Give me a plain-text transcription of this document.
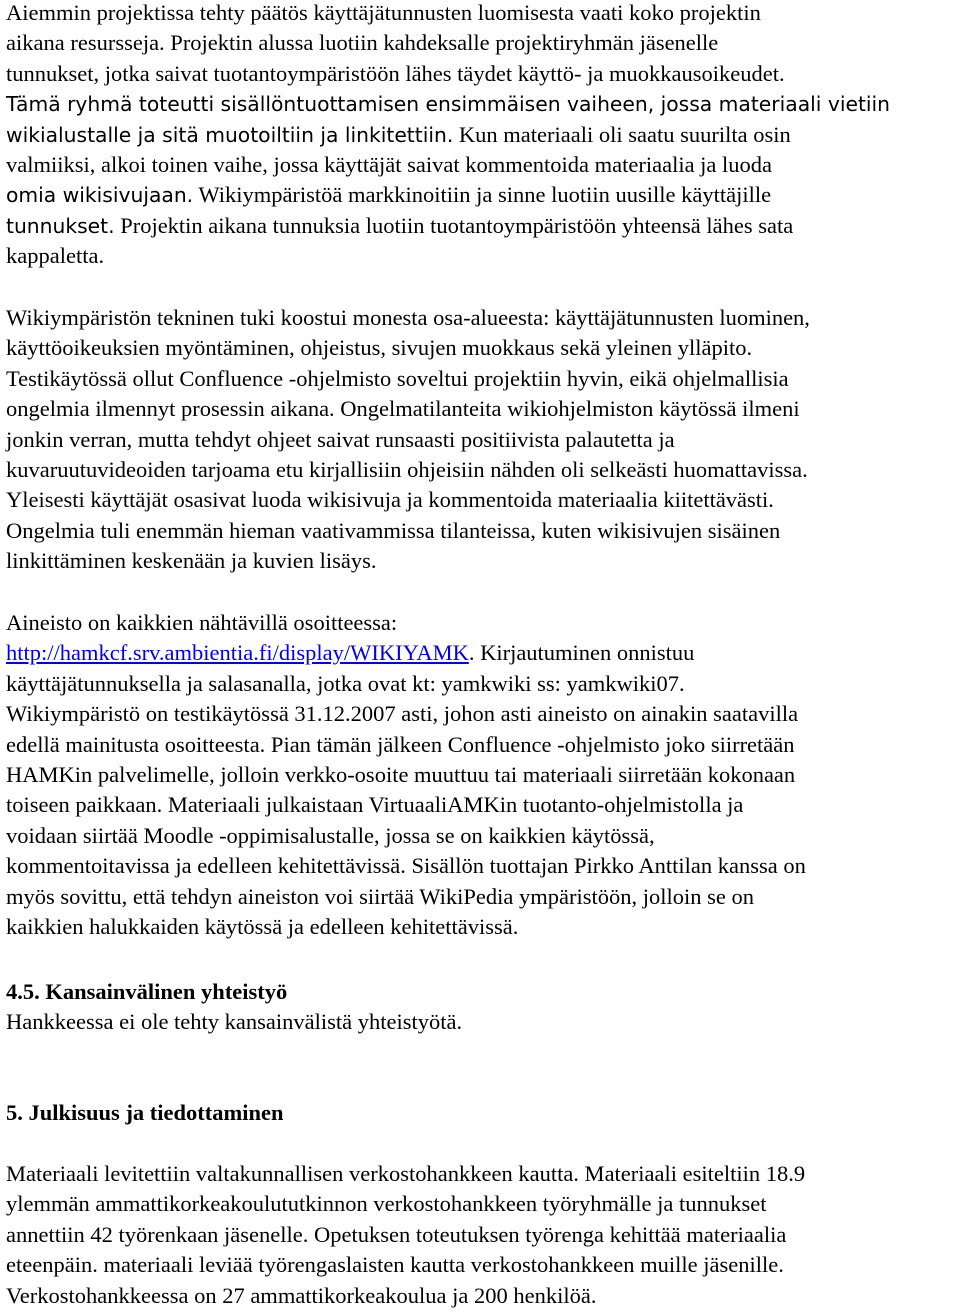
Aiemmin projektissa tehty päätös käyttäjätunnusten luomisesta vaati koko projektin
aikana resursseja. Projektin alussa luotiin kahdeksalle projektiryhmän jäsenelle
tunnukset, jotka saivat tuotantoympäristöön lähes täydet käyttö- ja muokkausoikeudet.
Tämä ryhmä toteutti sisällöntuottamisen ensimmäisen vaiheen, jossa materiaali vietiin
wikialustalle ja sitä muotoiltiin ja linkitettiin. Kun materiaali oli saatu suurilta osin
valmiiksi, alkoi toinen vaihe, jossa käyttäjät saivat kommentoida materiaalia ja luoda
omia wikisivujaan. Wikiympäristöä markkinoitiin ja sinne luotiin uusille käyttäjille
tunnukset. Projektin aikana tunnuksia luotiin tuotantoympäristöön yhteensä lähes sata
kappaletta.
Wikiympäristön tekninen tuki koostui monesta osa-alueesta: käyttäjätunnusten luominen,
käyttöoikeuksien myöntäminen, ohjeistus, sivujen muokkaus sekä yleinen ylläpito.
Testikäytössä ollut Confluence -ohjelmisto soveltui projektiin hyvin, eikä ohjelmallisia
ongelmia ilmennyt prosessin aikana. Ongelmatilanteita wikiohjelmiston käytössä ilmeni
jonkin verran, mutta tehdyt ohjeet saivat runsaasti positiivista palautetta ja
kuvaruutuvideoiden tarjoama etu kirjallisiin ohjeisiin nähden oli selkeästi huomattavissa.
Yleisesti käyttäjät osasivat luoda wikisivuja ja kommentoida materiaalia kiitettävästi.
Ongelmia tuli enemmän hieman vaativammissa tilanteissa, kuten wikisivujen sisäinen
linkittäminen keskenään ja kuvien lisäys.
Aineisto on kaikkien nähtävillä osoitteessa:
http://hamkcf.srv.ambientia.fi/display/WIKIYAMK. Kirjautuminen onnistuu
käyttäjätunnuksella ja salasanalla, jotka ovat kt: yamkwiki ss: yamkwiki07.
Wikiympäristö on testikäytössä 31.12.2007 asti, johon asti aineisto on ainakin saatavilla
edellä mainitusta osoitteesta. Pian tämän jälkeen Confluence -ohjelmisto joko siirretään
HAMKin palvelimelle, jolloin verkko-osoite muuttuu tai materiaali siirretään kokonaan
toiseen paikkaan. Materiaali julkaistaan VirtuaaliAMKin tuotanto-ohjelmistolla ja
voidaan siirtää Moodle -oppimisalustalle, jossa se on kaikkien käytössä,
kommentoitavissa ja edelleen kehitettävissä. Sisällön tuottajan Pirkko Anttilan kanssa on
myös sovittu, että tehdyn aineiston voi siirtää WikiPedia ympäristöön, jolloin se on
kaikkien halukkaiden käytössä ja edelleen kehitettävissä.
4.5. Kansainvälinen yhteistyö
Hankkeessa ei ole tehty kansainvälistä yhteistyötä.
5. Julkisuus ja tiedottaminen
Materiaali levitettiin valtakunnallisen verkostohankkeen kautta. Materiaali esiteltiin 18.9
ylemmän ammattikorkeakoulututkinnon verkostohankkeen työryhmälle ja tunnukset
annettiin 42 työrenkaan jäsenelle. Opetuksen toteutuksen työrenga kehittää materiaalia
eteenpäin. materiaali leviää työrengaslaisten kautta verkostohankkeen muille jäsenille.
Verkostohankkeessa on 27 ammattikorkeakoulua ja 200 henkilöä.
